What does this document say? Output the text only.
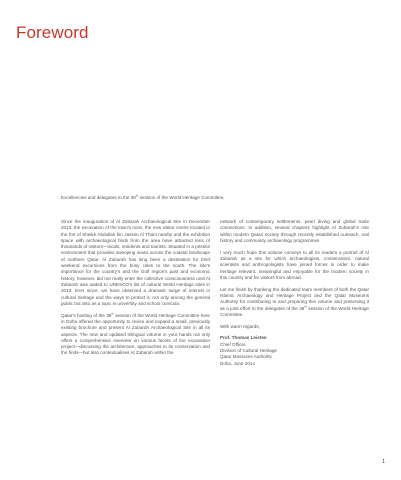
Foreword
Excellencies and delegates to the 38th session of the World Heritage Committee,

Since the inauguration of Al Zubarah Archaeological Site in December 2013, the excavation of the town's ruins, the new visitor centre located in the fort of Sheikh Abdullah bin Jassim Al Thani nearby and the exhibition space with archaeological finds from the area have attracted tens of thousands of visitors—locals, residents and tourists. Situated in a pristine environment that provides sweeping views across the coastal landscape of northern Qatar, Al Zubarah has long been a destination for brief weekend excursions from the busy cities to the south. The site's importance for the country's and the Gulf region's past and economic history, however, did not really enter the collective consciousness until Al Zubarah was added to UNESCO's list of cultural World Heritage sites in 2013. Ever since, we have observed a dramatic surge of interest in cultural heritage and the ways to protect it, not only among the general public but also as a topic in university and school curricula.

Qatar's hosting of the 38th session of the World Heritage Committee here in Doha offered the opportunity to revise and expand a small, previously existing brochure and present Al Zubarah Archaeological Site in all its aspects. The new and updated trilingual volume in your hands not only offers a comprehensive overview on various facets of the excavation project—discussing the architecture, approaches to its conservation and the finds—but also contextualises Al Zubarah within the

network of contemporary settlements, pearl diving and global trade connections. In addition, several chapters highlight Al Zubarah's role within modern Qatari society through recently established outreach, oral history and community archaeology programmes.

I very much hope this volume conveys to all its readers a portrait of Al Zubarah as a site for which archaeologists, conservators, natural scientists and anthropologists have joined forces in order to make heritage relevant, meaningful and enjoyable for the modern society in this country and for visitors from abroad.

Let me finish by thanking the dedicated team members of both the Qatar Islamic Archaeology and Heritage Project and the Qatar Museums Authority for contributing to and preparing this volume and presenting it as a joint effort to the delegates of the 38th session of the World Heritage Committee.

With warm regards,

Prof. Thomas Leisten
Chief Officer,
Division of Cultural Heritage
Qatar Museums Authority
Doha, June 2014
1
